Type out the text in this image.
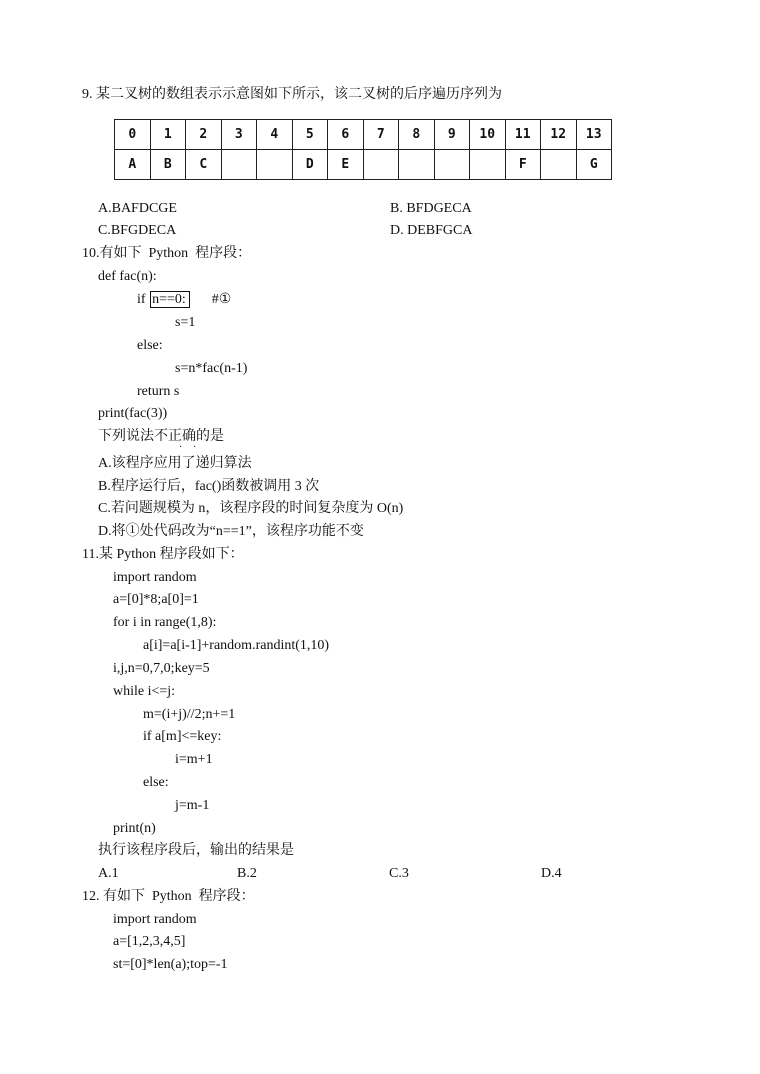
9. 某二叉树的数组表示示意图如下所示，该二叉树的后序遍历序列为
0	1	2	3	4	5	6	7	8	9	10	11	12	13
A	B	C			D	E					F		G
A.BAFDCGE	B. BFDGECA
C.BFGDECA	D. DEBFGCA
10.有如下  Python  程序段：
def fac(n):
if n==0: #①
s=1
else:
s=n*fac(n-1)
return s
print(fac(3))
下列说法不正确的是
· ·
A.该程序应用了递归算法
B.程序运行后，fac()函数被调用 3 次
C.若问题规模为 n，该程序段的时间复杂度为 O(n)
D.将①处代码改为“n==1”，该程序功能不变
11.某 Python 程序段如下：
import random
a=[0]*8;a[0]=1
for i in range(1,8):
a[i]=a[i-1]+random.randint(1,10)
i,j,n=0,7,0;key=5
while i<=j:
m=(i+j)//2;n+=1
if a[m]<=key:
i=m+1
else:
j=m-1
print(n)
执行该程序段后，输出的结果是
A.1	B.2	C.3	D.4
12. 有如下  Python  程序段：
import random
a=[1,2,3,4,5]
st=[0]*len(a);top=-1
